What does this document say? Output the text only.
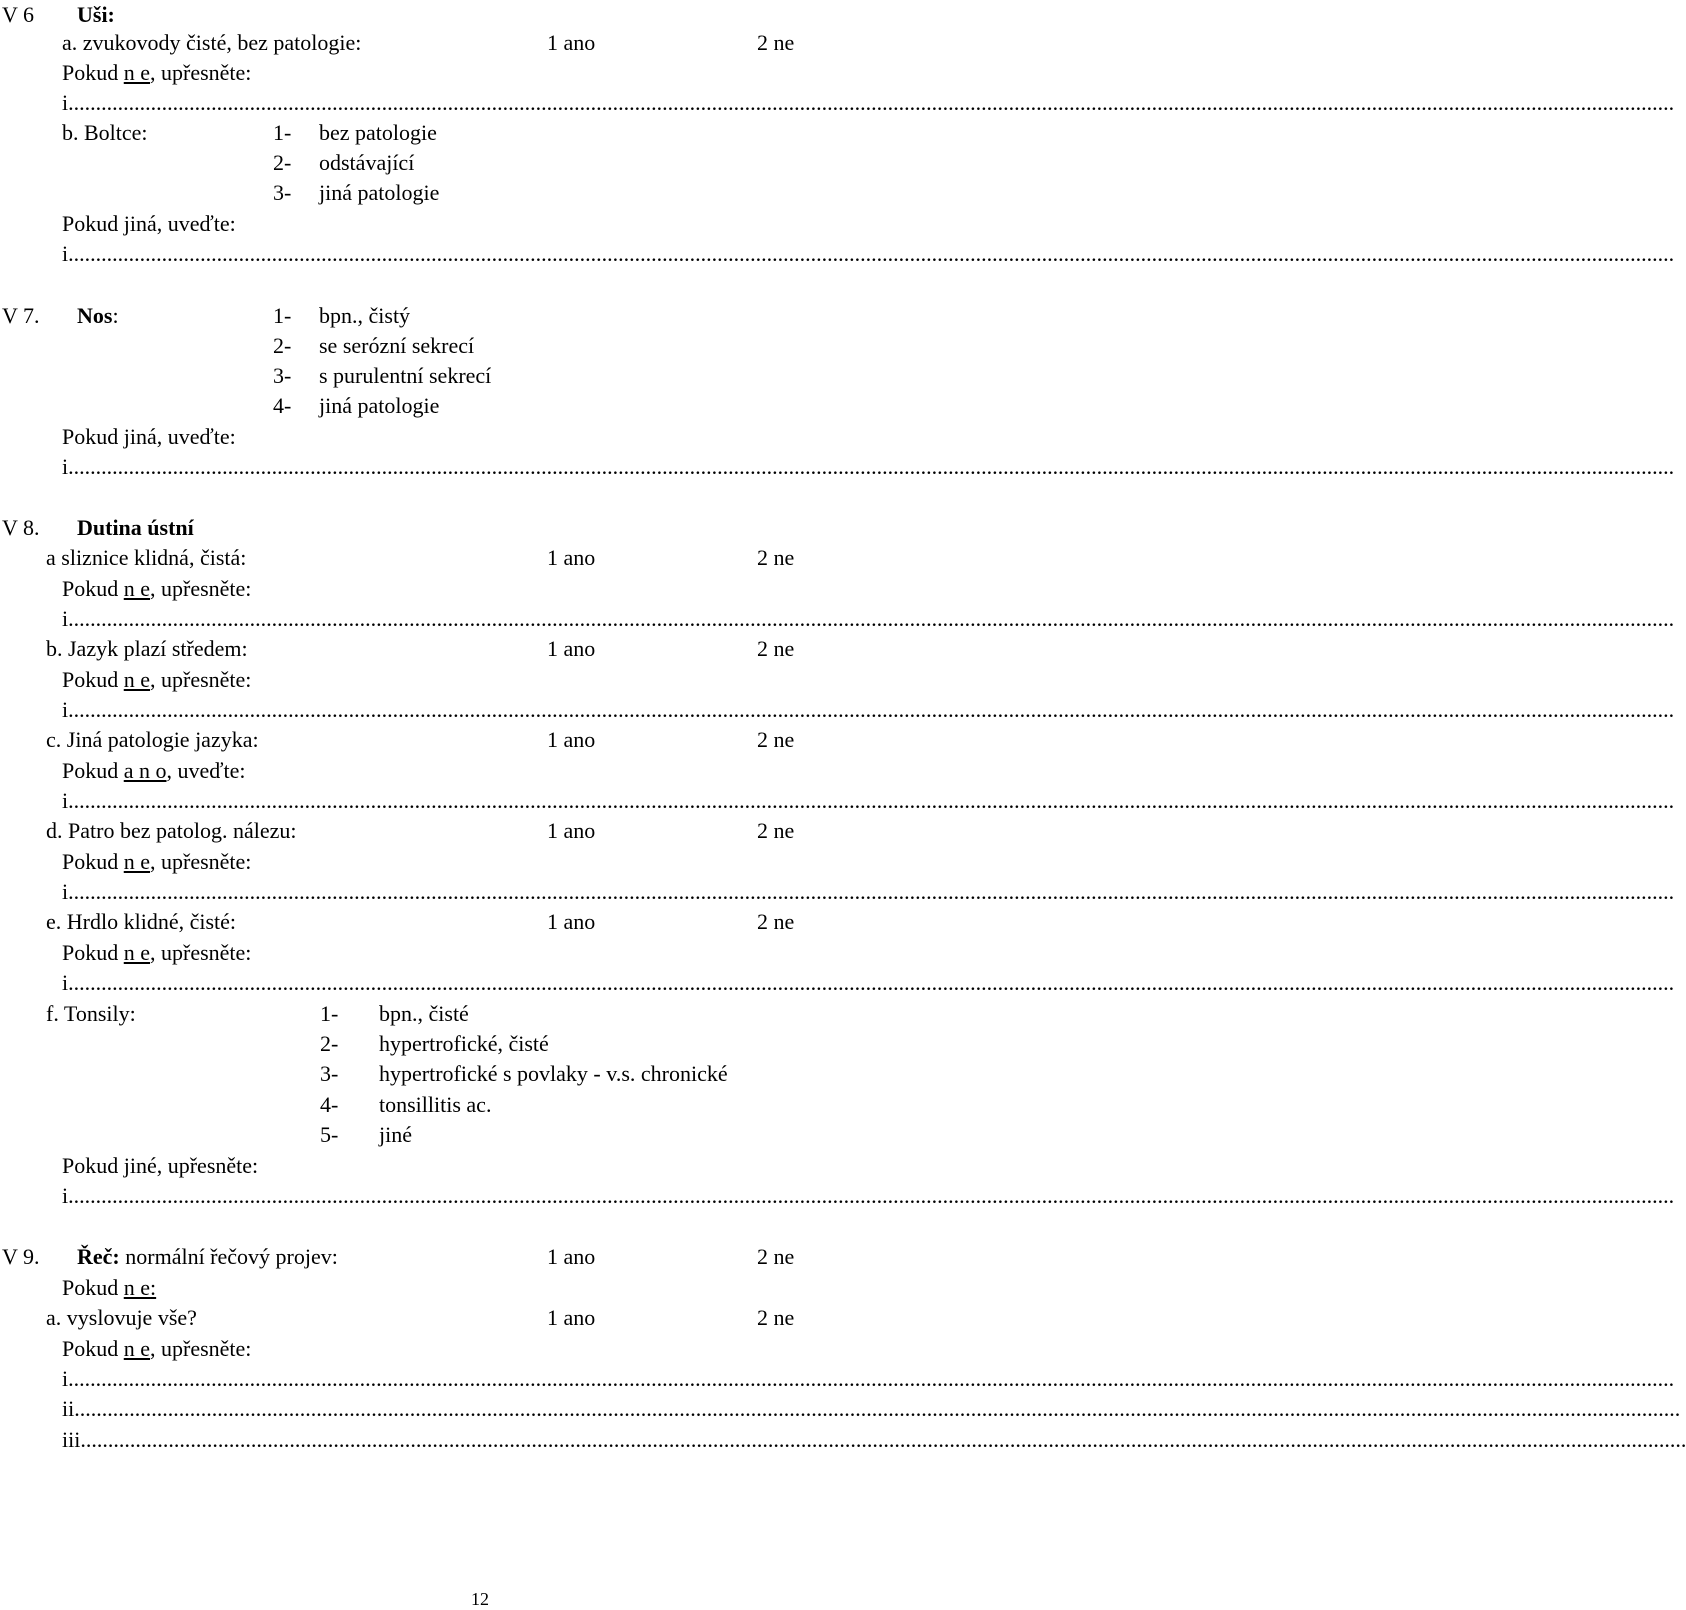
V 6 Uši:
a. zvukovody čisté, bez patologie:	1 ano	2 ne
Pokud n e, upřesněte:
i....................................................................................................................................................................................................................................................................................................
b. Boltce:	1- bez patologie
2- odstávající
3- jiná patologie
Pokud jiná, uveďte:
i....................................................................................................................................................................................................................................................................................................
V 7. Nos:	1- bpn., čistý
2- se serózní sekrecí
3- s purulentní sekrecí
4- jiná patologie
Pokud jiná, uveďte:
i....................................................................................................................................................................................................................................................................................................
V 8. Dutina ústní
a sliznice klidná, čistá:	1 ano	2 ne
Pokud n e, upřesněte:
i....................................................................................................................................................................................................................................................................................................
b. Jazyk plazí středem:	1 ano	2 ne
Pokud n e, upřesněte:
i....................................................................................................................................................................................................................................................................................................
c. Jiná patologie jazyka:	1 ano	2 ne
Pokud a n o, uveďte:
i....................................................................................................................................................................................................................................................................................................
d. Patro bez patolog. nálezu:	1 ano	2 ne
Pokud n e, upřesněte:
i....................................................................................................................................................................................................................................................................................................
e. Hrdlo klidné, čisté:	1 ano	2 ne
Pokud n e, upřesněte:
i....................................................................................................................................................................................................................................................................................................
f. Tonsily:	1- bpn., čisté
2- hypertrofické, čisté
3- hypertrofické s povlaky - v.s. chronické
4- tonsillitis ac.
5- jiné
Pokud jiné, upřesněte:
i....................................................................................................................................................................................................................................................................................................
V 9. Řeč: normální řečový projev:	1 ano	2 ne
Pokud n e:
a. vyslovuje vše?	1 ano	2 ne
Pokud n e, upřesněte:
i....................................................................................................................................................................................................................................................................................................
ii....................................................................................................................................................................................................................................................................................................
iii....................................................................................................................................................................................................................................................................................................
12
